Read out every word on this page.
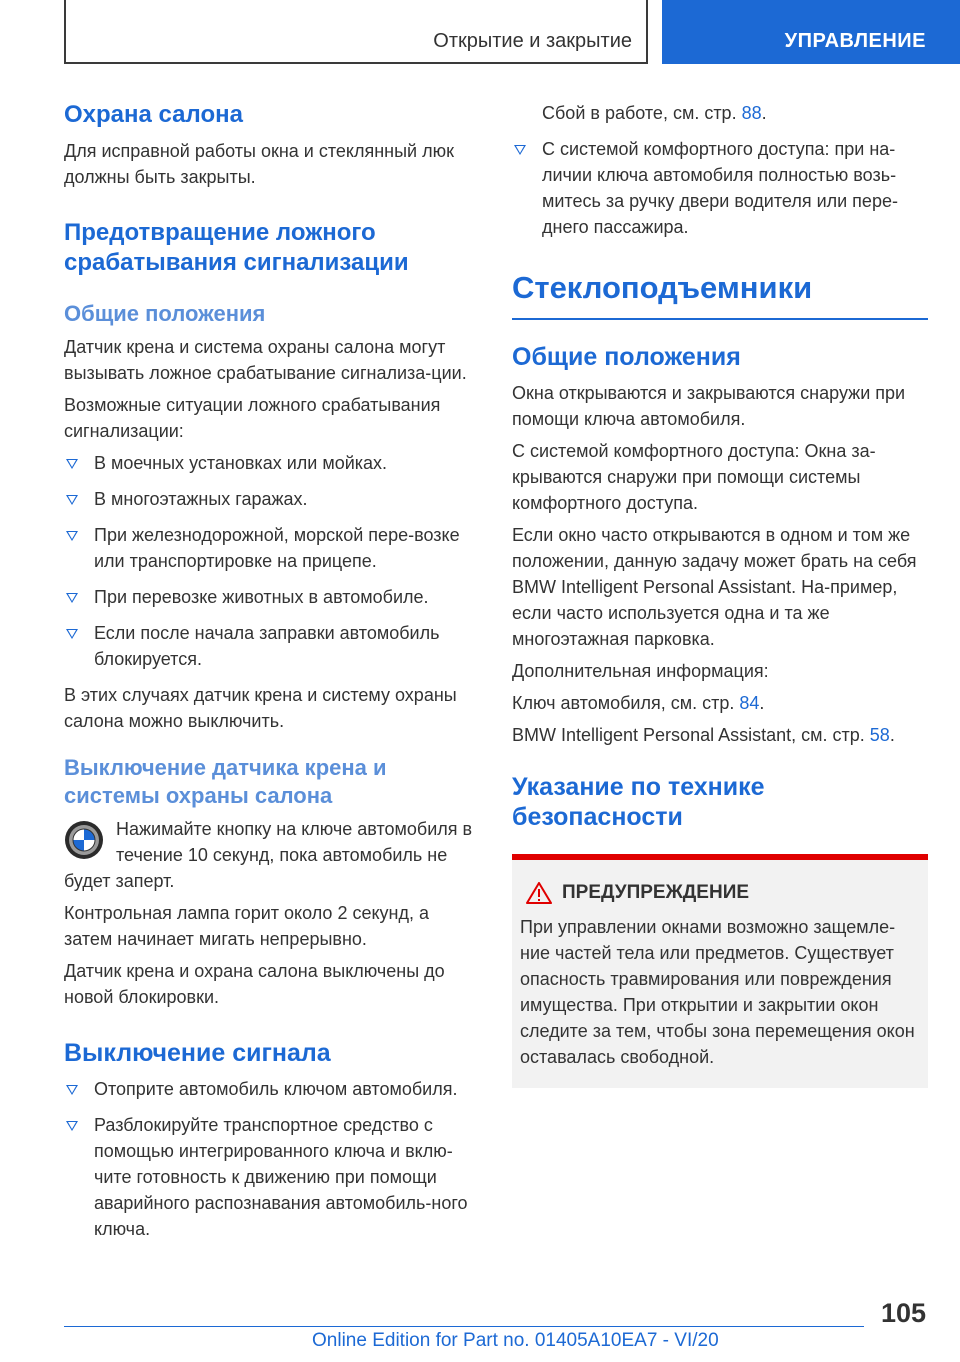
Открытие и закрытие	УПРАВЛЕНИЕ
Охрана салона

Для исправной работы окна и стеклянный люк должны быть закрыты.

Предотвращение ложного срабатывания сигнализации
Общие положения

Датчик крена и система охраны салона могут вызывать ложное срабатывание сигнализа-ции.

Возможные ситуации ложного срабатывания сигнализации:

В моечных установках или мойках.
В многоэтажных гаражах.
При железнодорожной, морской пере-возке или транспортировке на прицепе.
При перевозке животных в автомобиле.
Если после начала заправки автомобиль блокируется.

В этих случаях датчик крена и систему охраны салона можно выключить.

Выключение датчика крена и системы охраны салона

Нажимайте кнопку на ключе автомобиля в течение 10 секунд, пока автомобиль не будет заперт.

Контрольная лампа горит около 2 секунд, а затем начинает мигать непрерывно.

Датчик крена и охрана салона выключены до новой блокировки.

Выключение сигнала
Отоприте автомобиль ключом автомобиля.
Разблокируйте транспортное средство с помощью интегрированного ключа и вклю-чите готовность к движению при помощи аварийного распознавания автомобиль-ного ключа.

Сбой в работе, см. стр. 88.

С системой комфортного доступа: при на-личии ключа автомобиля полностью возь-митесь за ручку двери водителя или пере-днего пассажира.
Стеклоподъемники
Общие положения

Окна открываются и закрываются снаружи при помощи ключа автомобиля.

С системой комфортного доступа: Окна за-крываются снаружи при помощи системы комфортного доступа.

Если окно часто открываются в одном и том же положении, данную задачу может брать на себя BMW Intelligent Personal Assistant. На-пример, если часто используется одна и та же многоэтажная парковка.

Дополнительная информация:

Ключ автомобиля, см. стр. 84.

BMW Intelligent Personal Assistant, см. стр. 58.

Указание по технике безопасности
ПРЕДУПРЕЖДЕНИЕ

При управлении окнами возможно защемле-ние частей тела или предметов. Существует опасность травмирования или повреждения имущества. При открытии и закрытии окон следите за тем, чтобы зона перемещения окон оставалась свободной.

105
Online Edition for Part no. 01405A10EA7 - VI/20
